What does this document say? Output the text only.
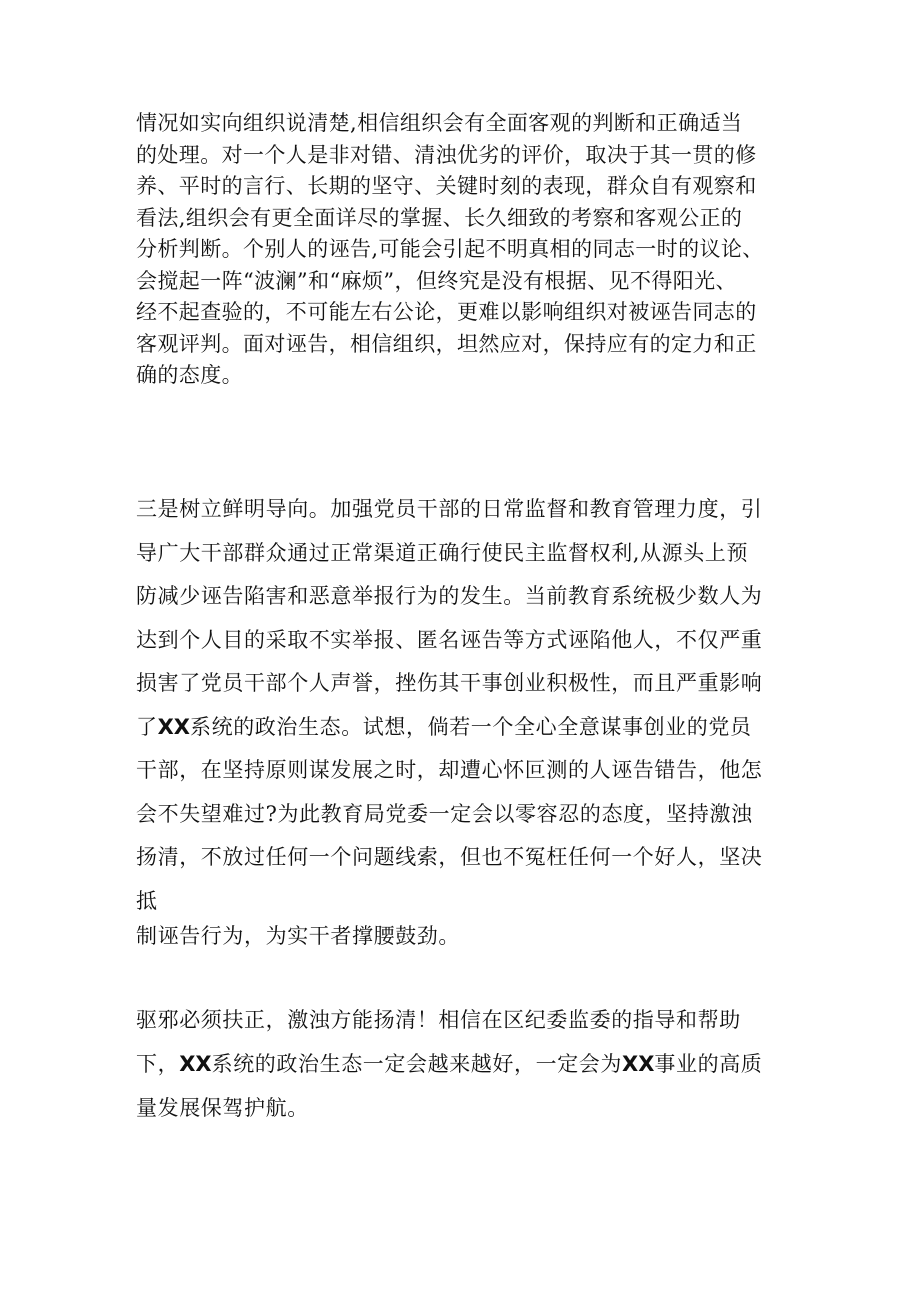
情况如实向组织说清楚,相信组织会有全面客观的判断和正确适当
的处理。对一个人是非对错、清浊优劣的评价，取决于其一贯的修
养、平时的言行、长期的坚守、关键时刻的表现，群众自有观察和
看法,组织会有更全面详尽的掌握、长久细致的考察和客观公正的
分析判断。个别人的诬告,可能会引起不明真相的同志一时的议论、
会搅起一阵“波澜”和“麻烦”，但终究是没有根据、见不得阳光、
经不起查验的，不可能左右公论，更难以影响组织对被诬告同志的
客观评判。面对诬告，相信组织，坦然应对，保持应有的定力和正
确的态度。

三是树立鲜明导向。加强党员干部的日常监督和教育管理力度，引
导广大干部群众通过正常渠道正确行使民主监督权利,从源头上预
防减少诬告陷害和恶意举报行为的发生。当前教育系统极少数人为
达到个人目的采取不实举报、匿名诬告等方式诬陷他人，不仅严重
损害了党员干部个人声誉，挫伤其干事创业积极性，而且严重影响
了XX系统的政治生态。试想，倘若一个全心全意谋事创业的党员
干部，在坚持原则谋发展之时，却遭心怀叵测的人诬告错告，他怎
会不失望难过?为此教育局党委一定会以零容忍的态度，坚持激浊
扬清，不放过任何一个问题线索，但也不冤枉任何一个好人，坚决
抵
制诬告行为，为实干者撑腰鼓劲。

驱邪必须扶正，激浊方能扬清！相信在区纪委监委的指导和帮助
下，XX系统的政治生态一定会越来越好，一定会为XX事业的高质
量发展保驾护航。
